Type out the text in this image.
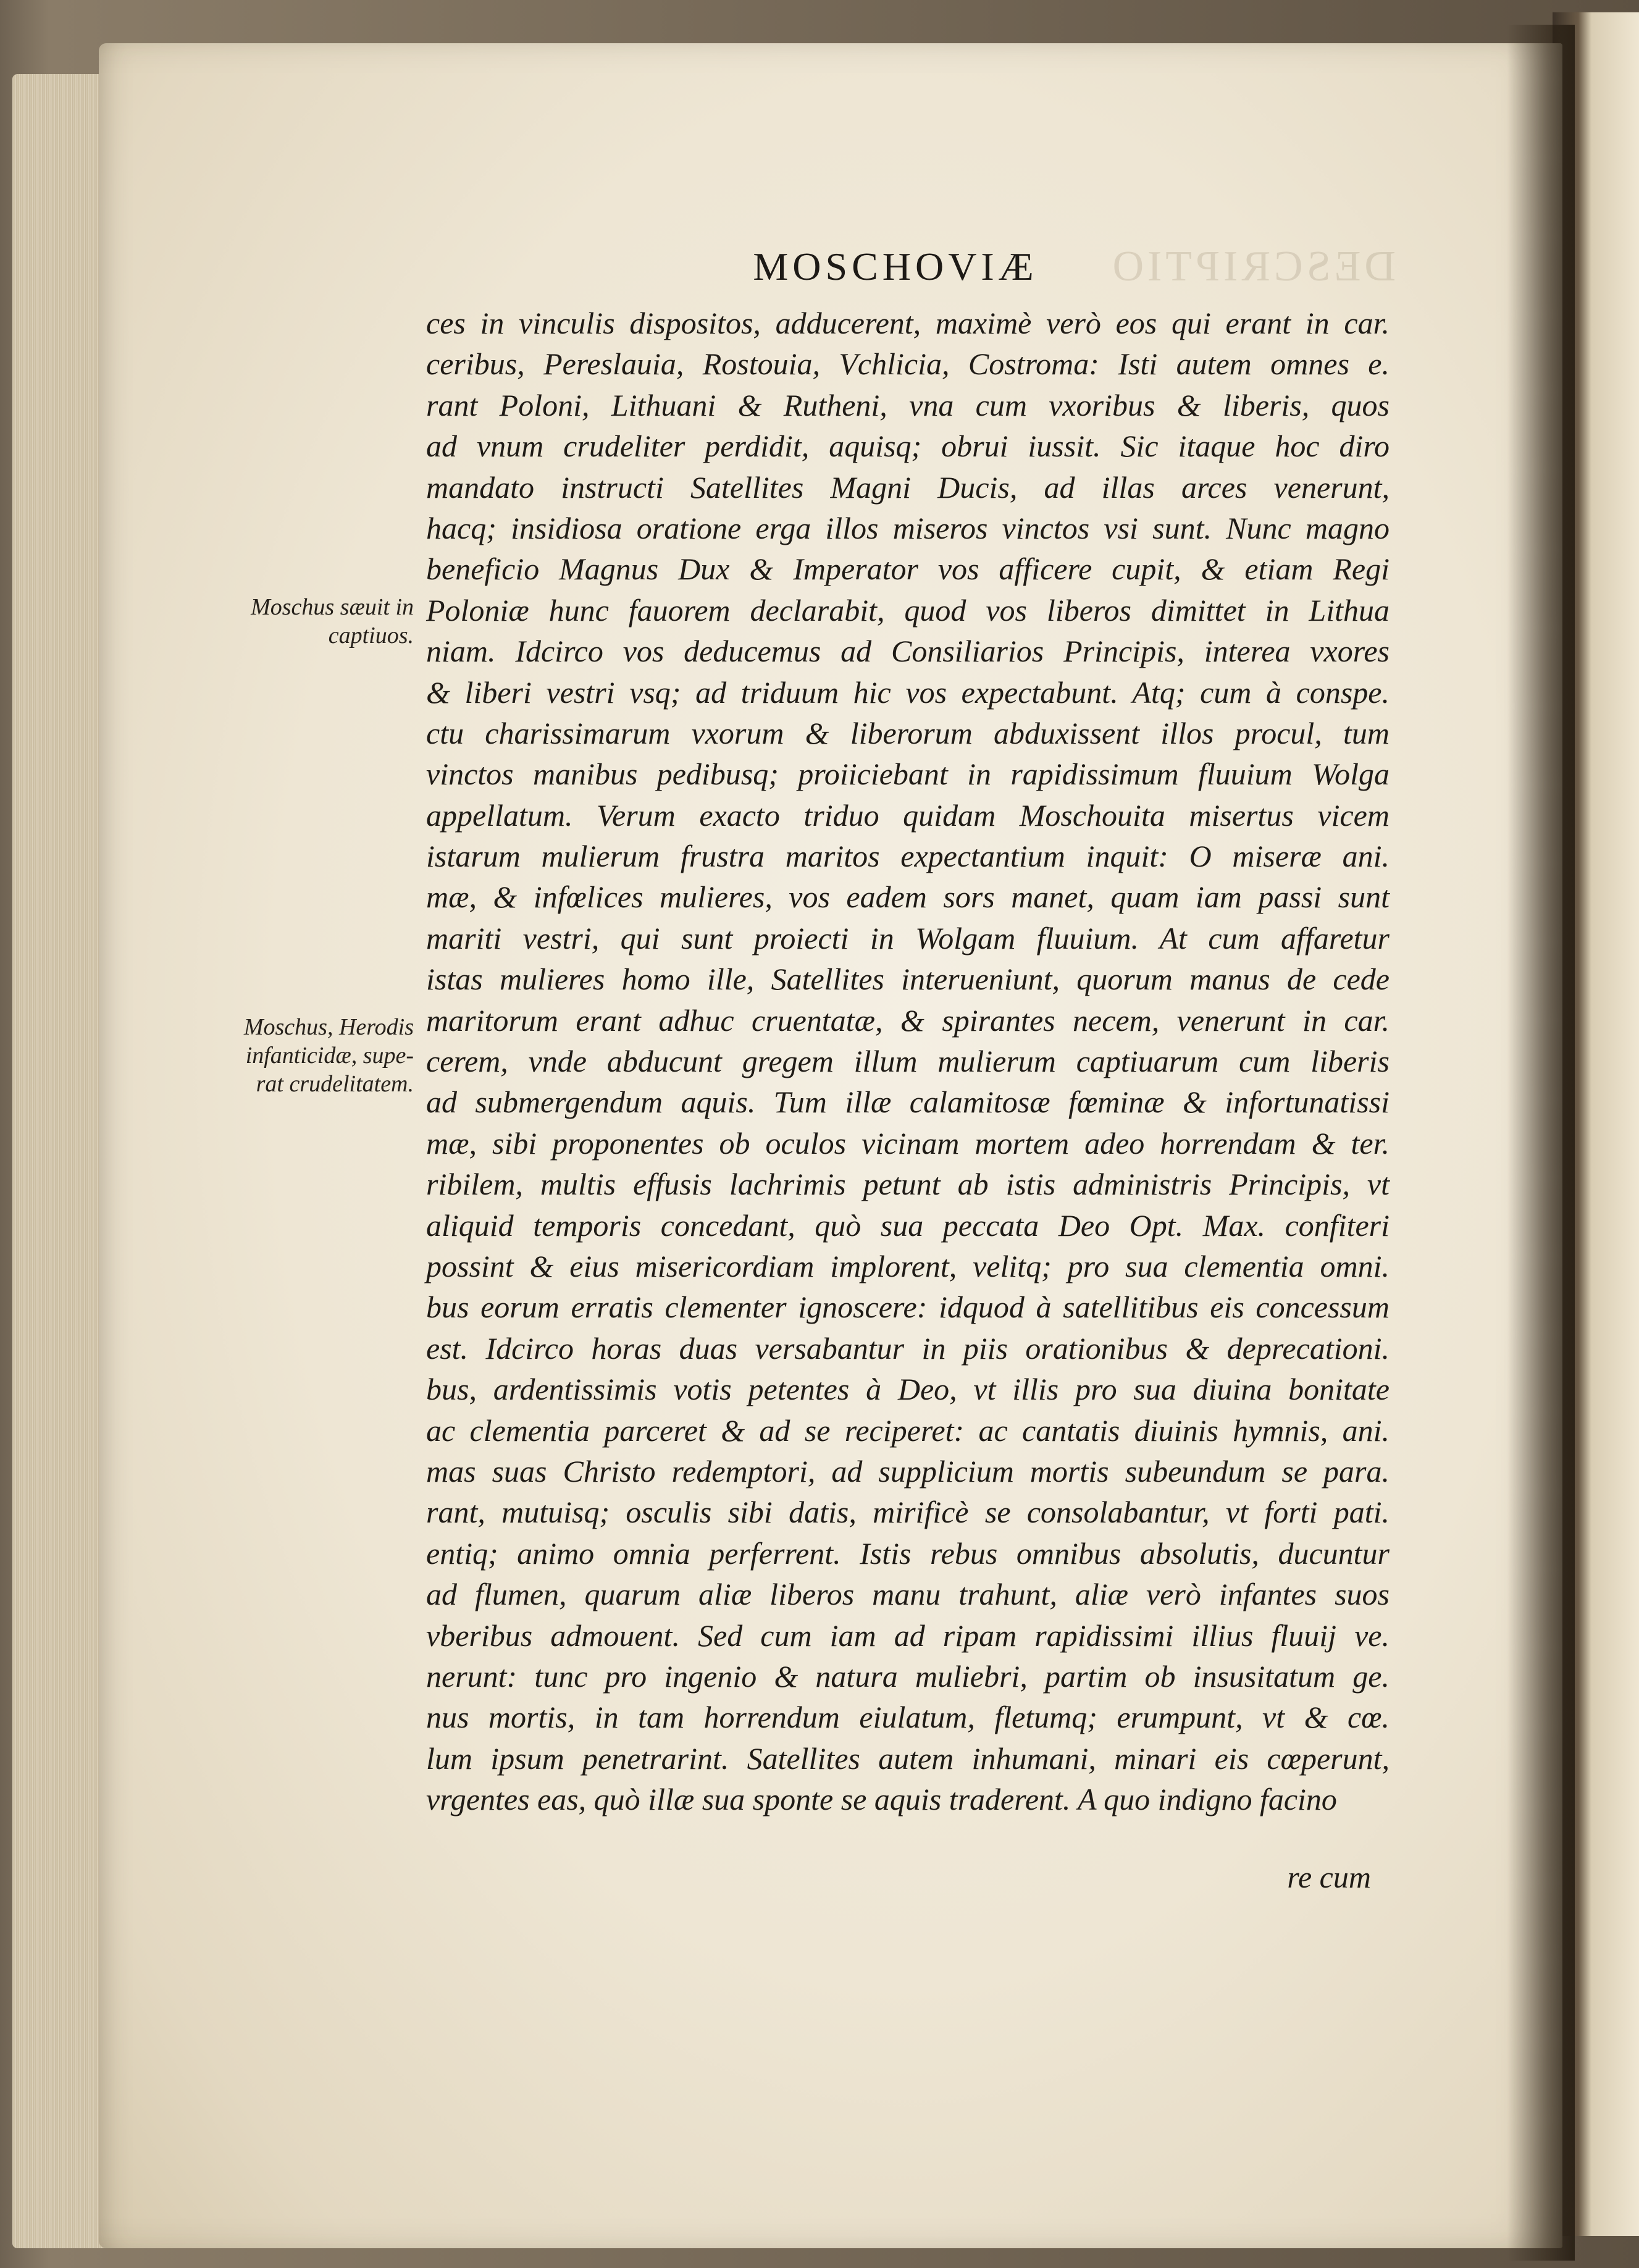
DESCRIPTIO
MOSCHOVIÆ
ces in vinculis dispositos, adducerent, maximè verò eos qui erant in car.
ceribus, Pereslauia, Rostouia, Vchlicia, Costroma: Isti autem omnes e.
rant Poloni, Lithuani & Rutheni, vna cum vxoribus & liberis, quos
ad vnum crudeliter perdidit, aquisq; obrui iussit. Sic itaque hoc diro
mandato instructi Satellites Magni Ducis, ad illas arces venerunt,
hacq; insidiosa oratione erga illos miseros vinctos vsi sunt. Nunc magno
beneficio Magnus Dux & Imperator vos afficere cupit, & etiam Regi
Poloniæ hunc fauorem declarabit, quod vos liberos dimittet in Lithua
niam. Idcirco vos deducemus ad Consiliarios Principis, interea vxores
& liberi vestri vsq; ad triduum hic vos expectabunt. Atq; cum à conspe.
ctu charissimarum vxorum & liberorum abduxissent illos procul, tum
vinctos manibus pedibusq; proiiciebant in rapidissimum fluuium Wolga
appellatum. Verum exacto triduo quidam Moschouita misertus vicem
istarum mulierum frustra maritos expectantium inquit: O miseræ ani.
mæ, & infœlices mulieres, vos eadem sors manet, quam iam passi sunt
mariti vestri, qui sunt proiecti in Wolgam fluuium. At cum affaretur
istas mulieres homo ille, Satellites interueniunt, quorum manus de cede
maritorum erant adhuc cruentatæ, & spirantes necem, venerunt in car.
cerem, vnde abducunt gregem illum mulierum captiuarum cum liberis
ad submergendum aquis. Tum illæ calamitosæ fœminæ & infortunatissi
mæ, sibi proponentes ob oculos vicinam mortem adeo horrendam & ter.
ribilem, multis effusis lachrimis petunt ab istis administris Principis, vt
aliquid temporis concedant, quò sua peccata Deo Opt. Max. confiteri
possint & eius misericordiam implorent, velitq; pro sua clementia omni.
bus eorum erratis clementer ignoscere: idquod à satellitibus eis concessum
est. Idcirco horas duas versabantur in piis orationibus & deprecationi.
bus, ardentissimis votis petentes à Deo, vt illis pro sua diuina bonitate
ac clementia parceret & ad se reciperet: ac cantatis diuinis hymnis, ani.
mas suas Christo redemptori, ad supplicium mortis subeundum se para.
rant, mutuisq; osculis sibi datis, mirificè se consolabantur, vt forti pati.
entiq; animo omnia perferrent. Istis rebus omnibus absolutis, ducuntur
ad flumen, quarum aliæ liberos manu trahunt, aliæ verò infantes suos
vberibus admouent. Sed cum iam ad ripam rapidissimi illius fluuij ve.
nerunt: tunc pro ingenio & natura muliebri, partim ob insusitatum ge.
nus mortis, in tam horrendum eiulatum, fletumq; erumpunt, vt & cœ.
lum ipsum penetrarint. Satellites autem inhumani, minari eis cœperunt,
vrgentes eas, quò illæ sua sponte se aquis traderent. A quo indigno facino
Moschus sæuit in
captiuos.
Moschus, Herodis
infanticidæ, supe-
rat crudelitatem.
re cum
